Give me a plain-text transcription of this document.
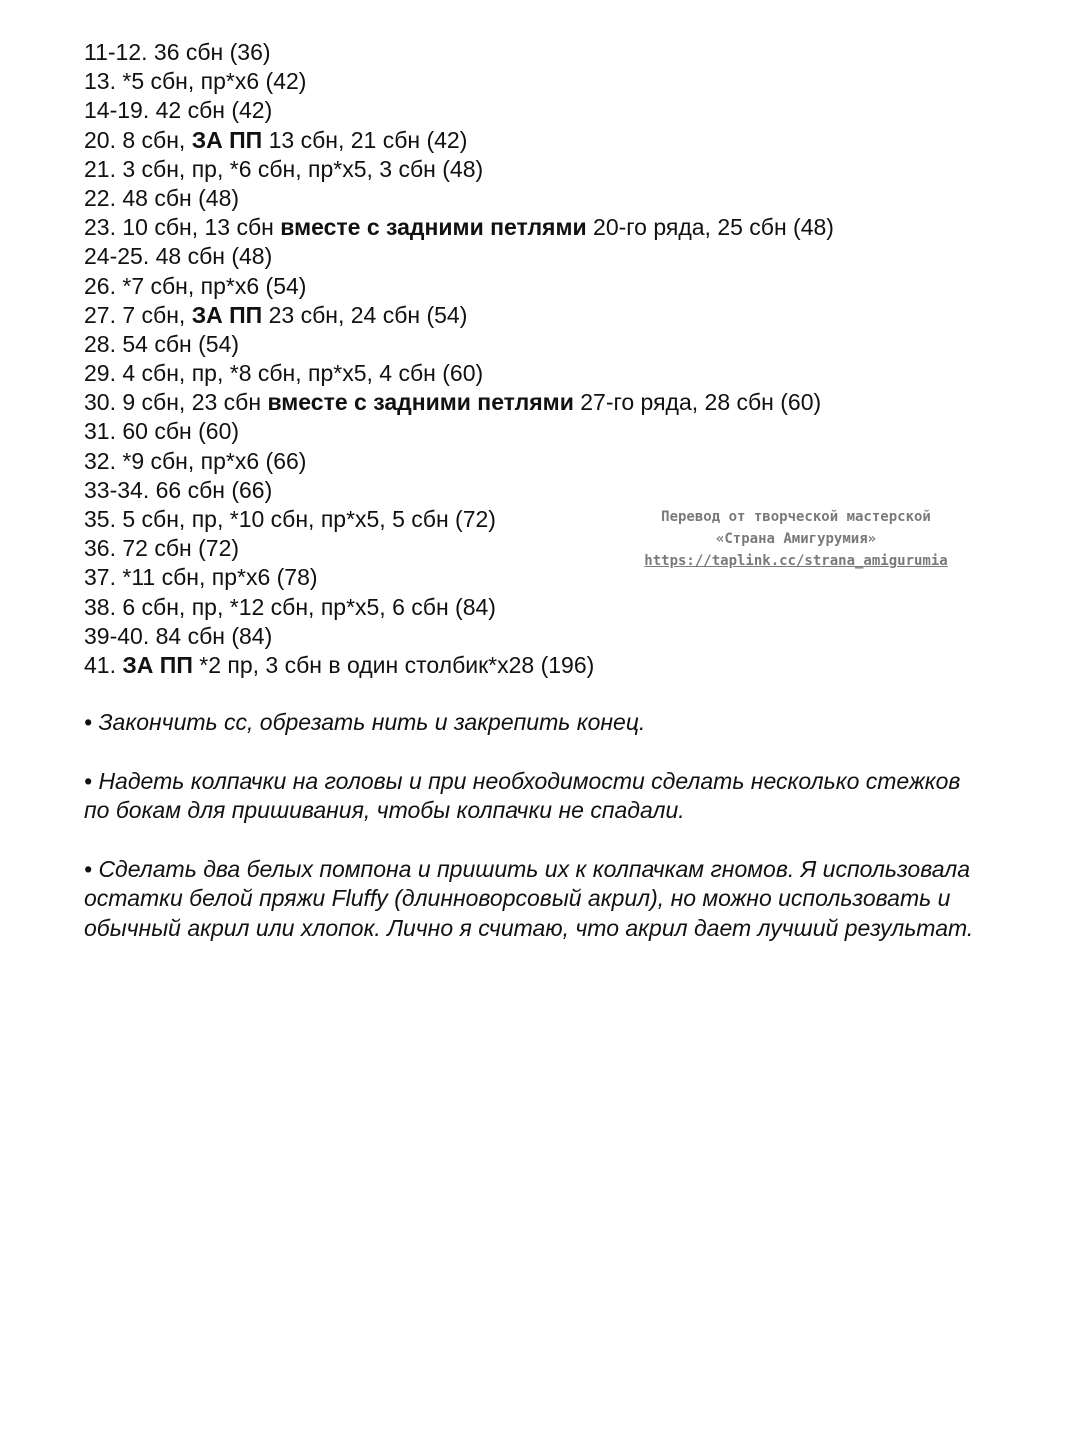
11-12. 36 сбн (36)
13. *5 сбн, пр*х6 (42)
14-19. 42 сбн (42)
20. 8 сбн, ЗА ПП 13 сбн, 21 сбн (42)
21. 3 сбн, пр, *6 сбн, пр*х5, 3 сбн (48)
22. 48 сбн (48)
23. 10 сбн, 13 сбн вместе с задними петлями 20-го ряда, 25 сбн (48)
24-25. 48 сбн (48)
26. *7 сбн, пр*х6 (54)
27. 7 сбн, ЗА ПП 23 сбн, 24 сбн (54)
28. 54 сбн (54)
29. 4 сбн, пр, *8 сбн, пр*х5, 4 сбн (60)
30. 9 сбн, 23 сбн вместе с задними петлями 27-го ряда, 28 сбн (60)
31. 60 сбн (60)
32. *9 сбн, пр*х6 (66)
33-34. 66 сбн (66)
35. 5 сбн, пр, *10 сбн, пр*х5, 5 сбн (72)
36. 72 сбн (72)
37. *11 сбн, пр*х6 (78)
38. 6 сбн, пр, *12 сбн, пр*х5, 6 сбн (84)
39-40. 84 сбн (84)
41. ЗА ПП *2 пр, 3 сбн в один столбик*х28 (196)

• Закончить сс, обрезать нить и закрепить конец.

• Надеть колпачки на головы и при необходимости сделать несколько стежков по бокам для пришивания, чтобы колпачки не спадали.

• Сделать два белых помпона и пришить их к колпачкам гномов. Я использовала остатки белой пряжи Fluffy (длинноворсовый акрил), но можно использовать и обычный акрил или хлопок. Лично я считаю, что акрил дает лучший результат.

Перевод от творческой мастерской
«Страна Амигурумия»
https://taplink.cc/strana_amigurumia
